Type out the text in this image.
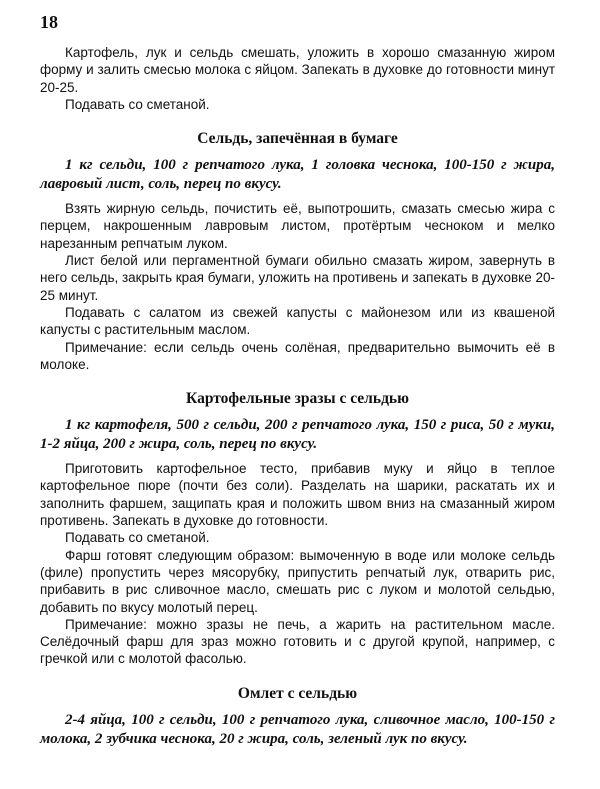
18

Картофель, лук и сельдь смешать, уложить в хорошо смазанную жиром форму и залить смесью молока с яйцом. Запекать в духовке до готовности минут 20-25.

Подавать со сметаной.

Сельдь, запечённая в бумаге

1 кг сельди, 100 г репчатого лука, 1 головка чеснока, 100-150 г жира, лавровый лист, соль, перец по вкусу.

Взять жирную сельдь, почистить её, выпотрошить, смазать смесью жира с перцем, накрошенным лавровым листом, протёртым чесноком и мелко нарезанным репчатым луком.

Лист белой или пергаментной бумаги обильно смазать жиром, завернуть в него сельдь, закрыть края бумаги, уложить на противень и запекать в духовке 20-25 минут.

Подавать с салатом из свежей капусты с майонезом или из квашеной капусты с растительным маслом.

Примечание: если сельдь очень солёная, предварительно вымочить её в молоке.

Картофельные зразы с сельдью

1 кг картофеля, 500 г сельди, 200 г репчатого лука, 150 г риса, 50 г муки, 1-2 яйца, 200 г жира, соль, перец по вкусу.

Приготовить картофельное тесто, прибавив муку и яйцо в теплое картофельное пюре (почти без соли). Разделать на шарики, раскатать их и заполнить фаршем, защипать края и положить швом вниз на смазанный жиром противень. Запекать в духовке до готовности.

Подавать со сметаной.

Фарш готовят следующим образом: вымоченную в воде или молоке сельдь (филе) пропустить через мясорубку, припустить репчатый лук, отварить рис, прибавить в рис сливочное масло, смешать рис с луком и молотой сельдью, добавить по вкусу молотый перец.

Примечание: можно зразы не печь, а жарить на растительном масле. Селёдочный фарш для зраз можно готовить и с другой крупой, например, с гречкой или с молотой фасолью.

Омлет с сельдью

2-4 яйца, 100 г сельди, 100 г репчатого лука, сливочное масло, 100-150 г молока, 2 зубчика чеснока, 20 г жира, соль, зеленый лук по вкусу.
